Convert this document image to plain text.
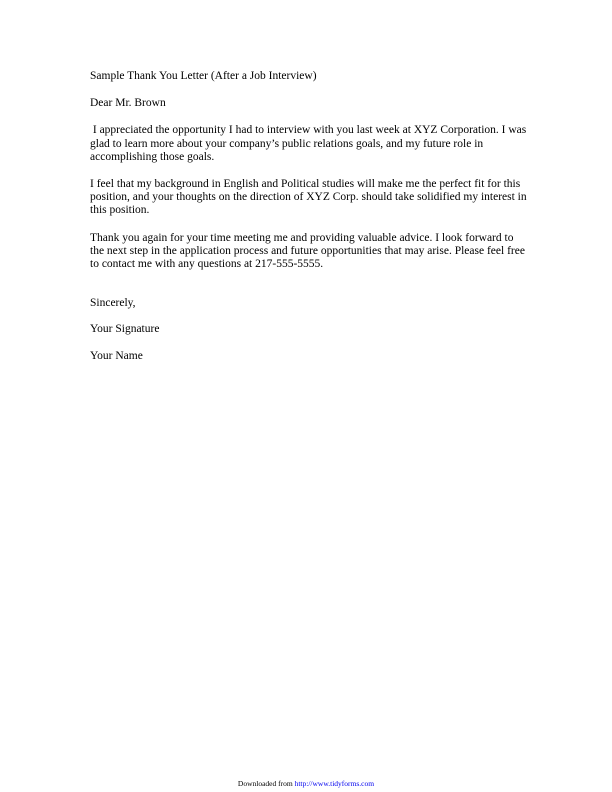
Sample Thank You Letter (After a Job Interview)

Dear Mr. Brown

I appreciated the opportunity I had to interview with you last week at XYZ Corporation. I was glad to learn more about your company’s public relations goals, and my future role in accomplishing those goals.

I feel that my background in English and Political studies will make me the perfect fit for this position, and your thoughts on the direction of XYZ Corp. should take solidified my interest in this position.

Thank you again for your time meeting me and providing valuable advice. I look forward to the next step in the application process and future opportunities that may arise. Please feel free to contact me with any questions at 217-555-5555.

Sincerely,

Your Signature

Your Name

Downloaded from http://www.tidyforms.com
